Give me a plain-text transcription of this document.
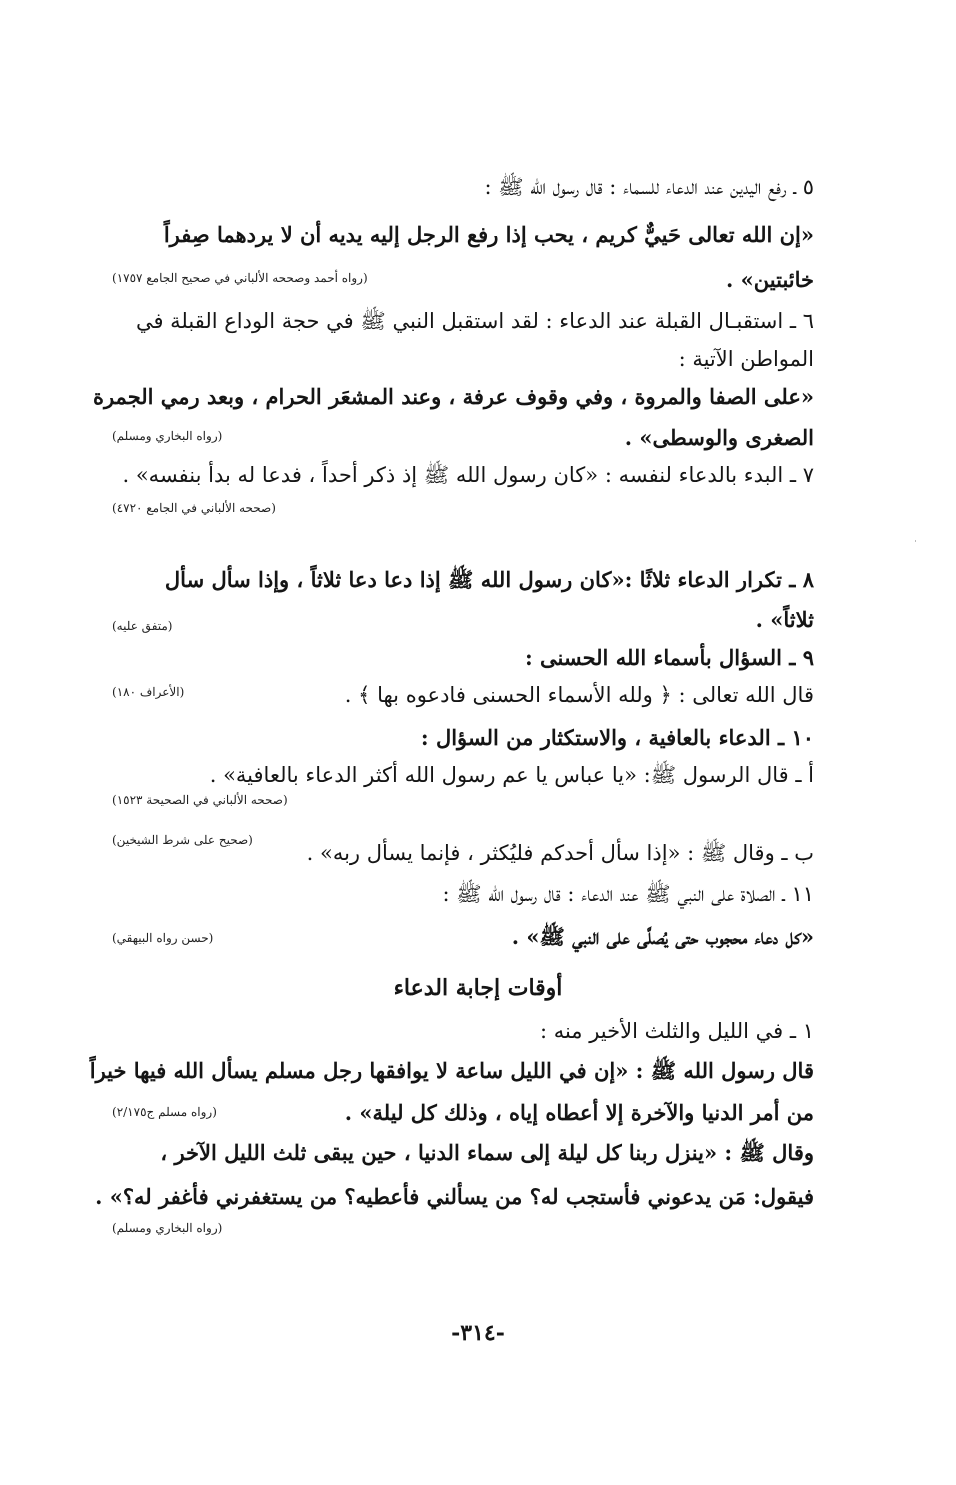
٥ ـ رفع اليدين عند الدعاء للسماء : قال رسول الله ﷺ :
«إن الله تعالى حَييٌّ كريم ، يحب إذا رفع الرجل إليه يديه أن لا يردهما صِفراً
خائبتين» .
(رواه أحمد وصححه الألباني في صحيح الجامع ١٧٥٧)
٦ ـ استقبـال القبلة عند الدعاء : لقد استقبل النبي ﷺ في حجة الوداع القبلة في
المواطن الآتية :
«على الصفا والمروة ، وفي وقوف عرفة ، وعند المشعَر الحرام ، وبعد رمي الجمرة
الصغرى والوسطى» .
(رواه البخاري ومسلم)
٧ ـ البدء بالدعاء لنفسه : «كان رسول الله ﷺ إذ ذكر أحداً ، فدعا له بدأ بنفسه» .
(صححه الألباني في الجامع ٤٧٢٠)
٨ ـ تكرار الدعاء ثلاثًا :«كان رسول الله ﷺ إذا دعا دعا ثلاثاً ، وإذا سأل سأل
ثلاثاً» .
(متفق عليه)
٩ ـ السؤال بأسماء الله الحسنى :
قال الله تعالى : ﴿ ولله الأسماء الحسنى فادعوه بها ﴾ .
(الأعراف ١٨٠)
١٠ ـ الدعاء بالعافية ، والاستكثار من السؤال :
أ ـ قال الرسول ﷺ: «يا عباس يا عم رسول الله أكثر الدعاء بالعافية» .
(صححه الألباني في الصحيحة ١٥٢٣)
ب ـ وقال ﷺ : «إذا سأل أحدكم فليُكثر ، فإنما يسأل ربه» .
(صحيح على شرط الشيخين)
١١ ـ الصلاة على النبي ﷺ عند الدعاء : قال رسول الله ﷺ :
«كل دعاء محجوب حتى يُصلَّى على النبي ﷺ» .
(حسن رواه البيهقي)
أوقات إجابة الدعاء
١ ـ في الليل والثلث الأخير منه :
قال رسول الله ﷺ : «إن في الليل ساعة لا يوافقها رجل مسلم يسأل الله فيها خيراً
من أمر الدنيا والآخرة إلا أعطاه إياه ، وذلك كل ليلة» .
(رواه مسلم ج٢/١٧٥)
وقال ﷺ : «ينزل ربنا كل ليلة إلى سماء الدنيا ، حين يبقى ثلث الليل الآخر ،
فيقول: مَن يدعوني فأستجب له؟ من يسألني فأعطيه؟ من يستغفرني فأغفر له؟» .
(رواه البخاري ومسلم)
-٣١٤-
